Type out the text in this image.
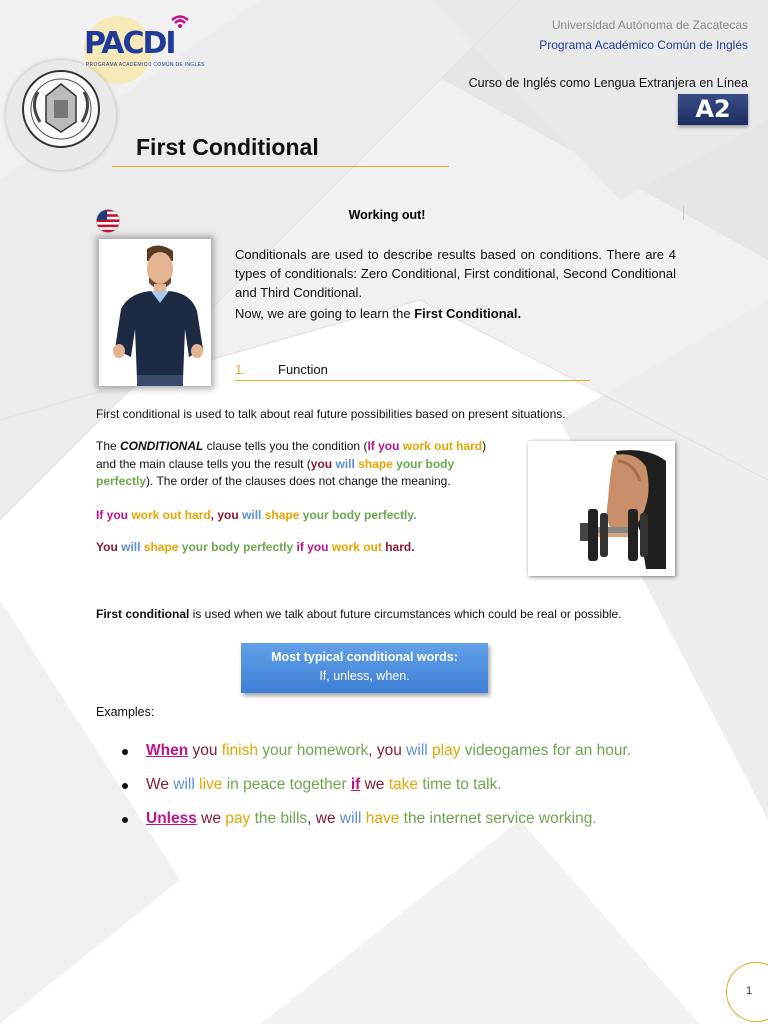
Universidad Autónoma de Zacatecas
Programa Académico Común de Inglés
Curso de Inglés como Lengua Extranjera en Línea
A2
PACDI
PROGRAMA ACADÉMICO COMÚN DE INGLÉS
First Conditional
Working out!

Conditionals are used to describe results based on conditions. There are 4 types of conditionals: Zero Conditional, First conditional, Second Conditional and Third Conditional.

Now, we are going to learn the First Conditional.

1. Function
First conditional is used to talk about real future possibilities based on present situations.
The CONDITIONAL clause tells you the condition (If you work out hard)
and the main clause tells you the result (you will shape your body perfectly). The order of the clauses does not change the meaning.
If you work out hard, you will shape your body perfectly.
You will shape your body perfectly if you work out hard.
First conditional is used when we talk about future circumstances which could be real or possible.
Most typical conditional words:
If, unless, when.
Examples:
When you finish your homework, you will play videogames for an hour.
We will live in peace together if we take time to talk.
Unless we pay the bills, we will have the internet service working.
1
